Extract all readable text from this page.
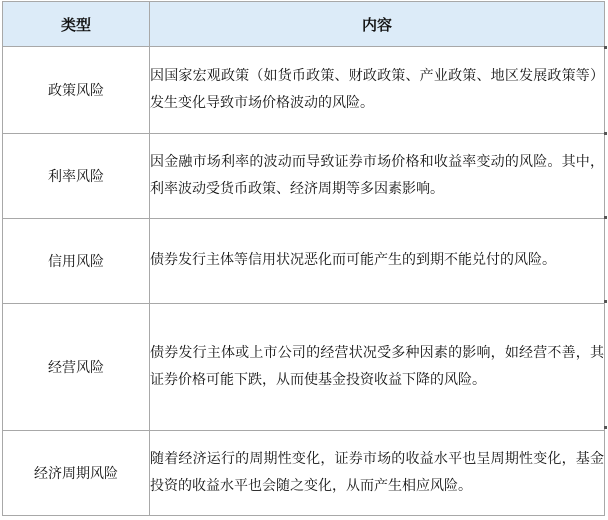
类型	内容
政策风险	因国家宏观政策（如货币政策、财政政策、产业政策、地区发展政策等）发生变化导致市场价格波动的风险。
利率风险	因金融市场利率的波动而导致证券市场价格和收益率变动的风险。其中，利率波动受货币政策、经济周期等多因素影响。
信用风险	债券发行主体等信用状况恶化而可能产生的到期不能兑付的风险。
经营风险	债券发行主体或上市公司的经营状况受多种因素的影响，如经营不善，其证券价格可能下跌，从而使基金投资收益下降的风险。
经济周期风险	随着经济运行的周期性变化，证券市场的收益水平也呈周期性变化，基金投资的收益水平也会随之变化，从而产生相应风险。
